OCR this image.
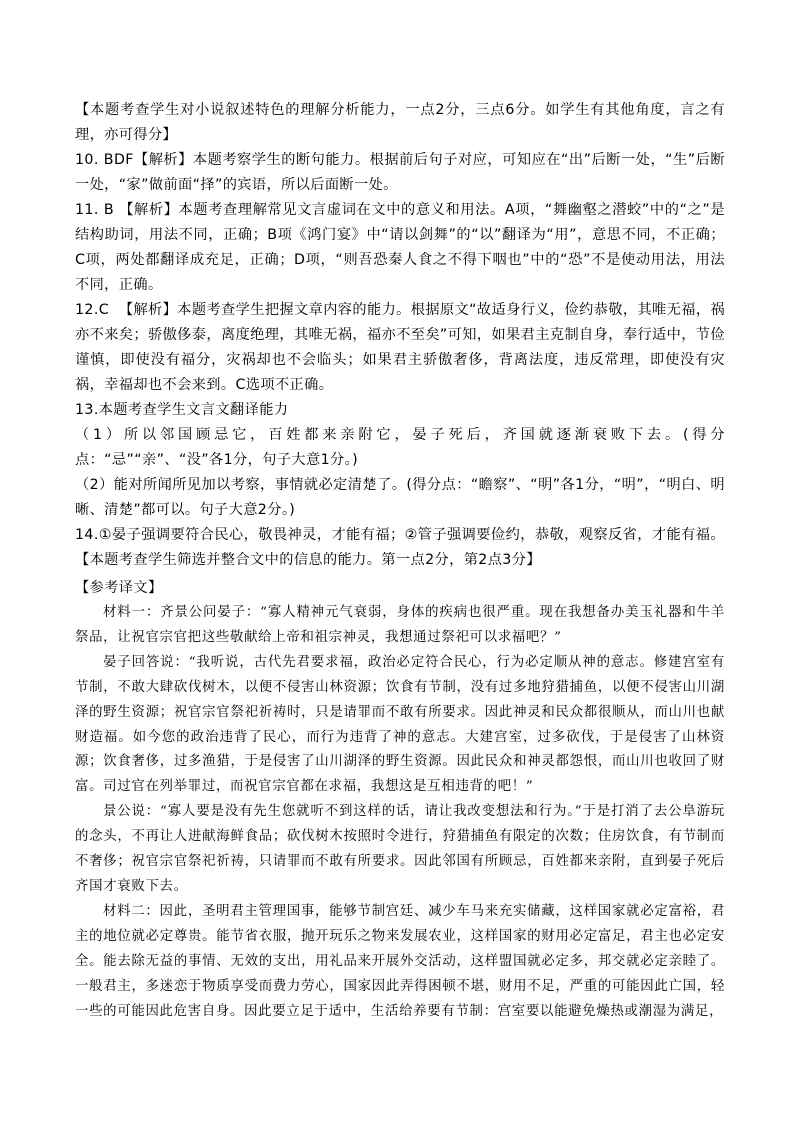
【本题考查学生对小说叙述特色的理解分析能力，一点2分，三点6分。如学生有其他角度，言之有理，亦可得分】

10. BDF【解析】本题考察学生的断句能力。根据前后句子对应，可知应在“出”后断一处，“生”后断一处，“家”做前面“择”的宾语，所以后面断一处。

11. B 【解析】本题考查理解常见文言虚词在文中的意义和用法。A项，“舞幽壑之潜蛟”中的“之”是结构助词，用法不同，正确；B项《鸿门宴》中“请以剑舞”的“以”翻译为“用”，意思不同，不正确；C项，两处都翻译成充足，正确；D项，“则吾恐秦人食之不得下咽也”中的“恐”不是使动用法，用法不同，正确。

12.C  【解析】本题考查学生把握文章内容的能力。根据原文“故适身行义，俭约恭敬，其唯无福，祸亦不来矣；骄傲侈泰，离度绝理，其唯无祸，福亦不至矣”可知，如果君主克制自身，奉行适中，节俭谨慎，即使没有福分，灾祸却也不会临头；如果君主骄傲奢侈，背离法度，违反常理，即使没有灾祸，幸福却也不会来到。C选项不正确。

13.本题考查学生文言文翻译能力

（1）所以邻国顾忌它，百姓都来亲附它，晏子死后，齐国就逐渐衰败下去。(得分点：“忌”“亲”、“没”各1分，句子大意1分。)

（2）能对所闻所见加以考察，事情就必定清楚了。(得分点：“瞻察”、“明”各1分，“明”，“明白、明晰、清楚”都可以。句子大意2分。)

14.①晏子强调要符合民心，敬畏神灵，才能有福；②管子强调要俭约，恭敬，观察反省，才能有福。【本题考查学生筛选并整合文中的信息的能力。第一点2分，第2点3分】

【参考译文】

材料一：齐景公问晏子：“寡人精神元气衰弱，身体的疾病也很严重。现在我想备办美玉礼器和牛羊祭品，让祝官宗官把这些敬献给上帝和祖宗神灵，我想通过祭祀可以求福吧？”

晏子回答说：“我听说，古代先君要求福，政治必定符合民心，行为必定顺从神的意志。修建宫室有节制，不敢大肆砍伐树木，以便不侵害山林资源；饮食有节制，没有过多地狩猎捕鱼，以便不侵害山川湖泽的野生资源；祝官宗官祭祀祈祷时，只是请罪而不敢有所要求。因此神灵和民众都很顺从，而山川也献财造福。如今您的政治违背了民心，而行为违背了神的意志。大建宫室，过多砍伐，于是侵害了山林资源；饮食奢侈，过多渔猎，于是侵害了山川湖泽的野生资源。因此民众和神灵都怨恨，而山川也收回了财富。司过官在列举罪过，而祝官宗官都在求福，我想这是互相违背的吧！”

景公说：“寡人要是没有先生您就听不到这样的话，请让我改变想法和行为。”于是打消了去公阜游玩的念头，不再让人进献海鲜食品；砍伐树木按照时令进行，狩猎捕鱼有限定的次数；住房饮食，有节制而不奢侈；祝官宗官祭祀祈祷，只请罪而不敢有所要求。因此邻国有所顾忌，百姓都来亲附，直到晏子死后齐国才衰败下去。

材料二：因此，圣明君主管理国事，能够节制宫廷、减少车马来充实储藏，这样国家就必定富裕，君主的地位就必定尊贵。能节省衣服，抛开玩乐之物来发展农业，这样国家的财用必定富足，君主也必定安全。能去除无益的事情、无效的支出，用礼品来开展外交活动，这样盟国就必定多，邦交就必定亲睦了。一般君主，多迷恋于物质享受而费力劳心，国家因此弄得困顿不堪，财用不足，严重的可能因此亡国，轻一些的可能因此危害自身。因此要立足于适中，生活给养要有节制：宫室要以能避免燥热或潮湿为满足，
